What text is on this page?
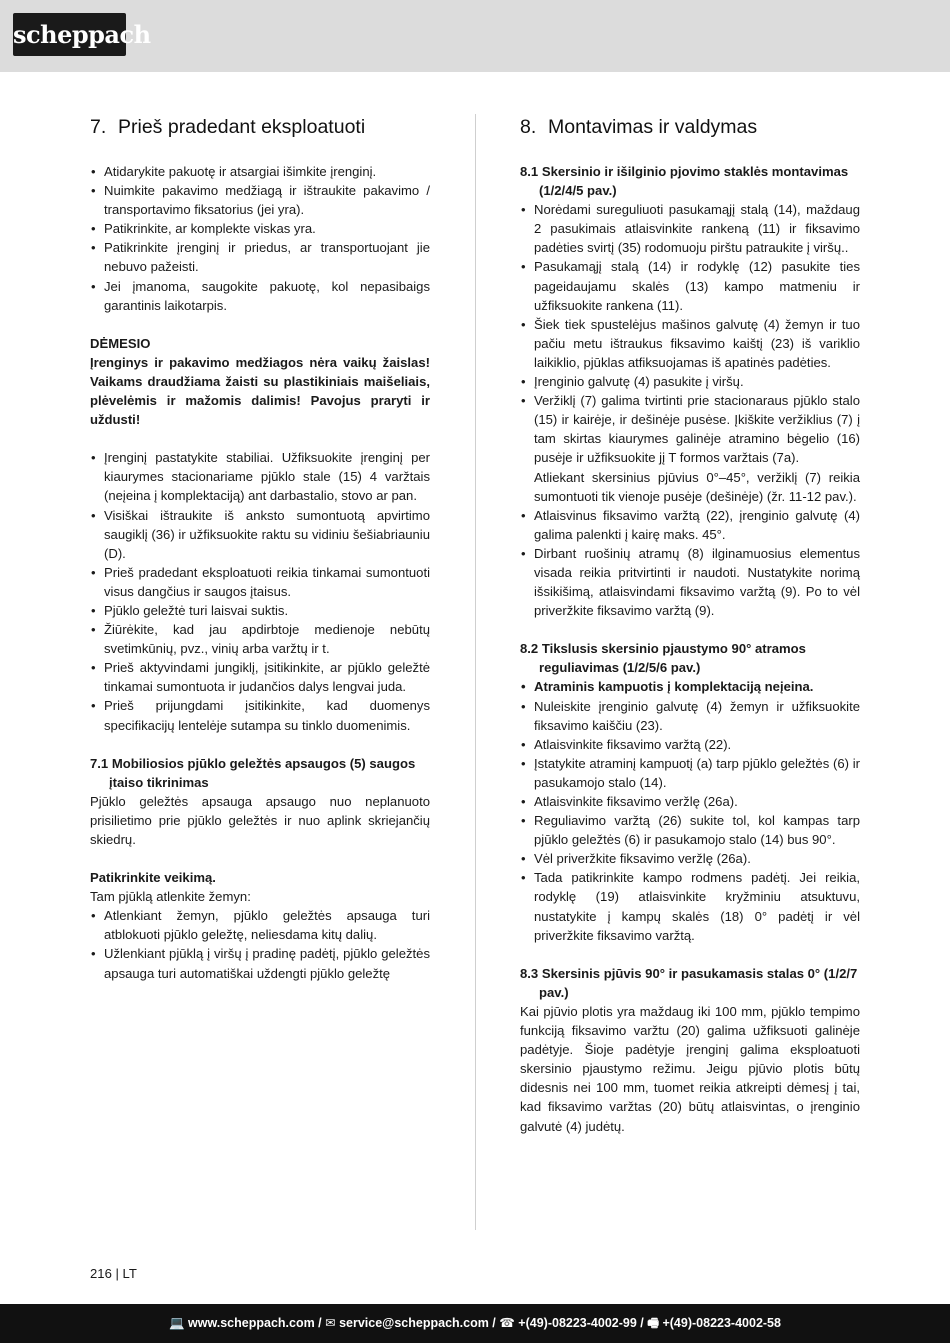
scheppach
7. Prieš pradedant eksploatuoti
• Atidarykite pakuotę ir atsargiai išimkite įrenginį.
• Nuimkite pakavimo medžiagą ir ištraukite pakavimo / transportavimo fiksatorius (jei yra).
• Patikrinkite, ar komplekte viskas yra.
• Patikrinkite įrenginį ir priedus, ar transportuojant jie nebuvo pažeisti.
• Jei įmanoma, saugokite pakuotę, kol nepasibaigs garantinis laikotarpis.

DĖMESIO

Įrenginys ir pakavimo medžiagos nėra vaikų žaislas! Vaikams draudžiama žaisti su plastikiniais maišeliais, plėvelėmis ir mažomis dalimis! Pavojus praryti ir uždusti!

• Įrenginį pastatykite stabiliai. Užfiksuokite įrenginį per kiaurymes stacionariame pjūklo stale (15) 4 varžtais (neįeina į komplektaciją) ant darbastalio, stovo ar pan.
• Visiškai ištraukite iš anksto sumontuotą apvirtimo saugiklį (36) ir užfiksuokite raktu su vidiniu šešiabriauniu (D).
• Prieš pradedant eksploatuoti reikia tinkamai sumontuoti visus dangčius ir saugos įtaisus.
• Pjūklo geležtė turi laisvai suktis.
• Žiūrėkite, kad jau apdirbtoje medienoje nebūtų svetimkūnių, pvz., vinių arba varžtų ir t.
• Prieš aktyvindami jungiklį, įsitikinkite, ar pjūklo geležtė tinkamai sumontuota ir judančios dalys lengvai juda.
• Prieš prijungdami įsitikinkite, kad duomenys specifikacijų lentelėje sutampa su tinklo duomenimis.

7.1 Mobiliosios pjūklo geležtės apsaugos (5) saugos įtaiso tikrinimas

Pjūklo geležtės apsauga apsaugo nuo neplanuoto prisilietimo prie pjūklo geležtės ir nuo aplink skriejančių skiedrų.

Patikrinkite veikimą.

Tam pjūklą atlenkite žemyn:

• Atlenkiant žemyn, pjūklo geležtės apsauga turi atblokuoti pjūklo geležtę, neliesdama kitų dalių.
• Užlenkiant pjūklą į viršų į pradinę padėtį, pjūklo geležtės apsauga turi automatiškai uždengti pjūklo geležtę
8. Montavimas ir valdymas

8.1 Skersinio ir išilginio pjovimo staklės montavimas (1/2/4/5 pav.)

• Norėdami sureguliuoti pasukamąjį stalą (14), maždaug 2 pasukimais atlaisvinkite rankeną (11) ir fiksavimo padėties svirtį (35) rodomuoju pirštu patraukite į viršų..
• Pasukamąjį stalą (14) ir rodyklę (12) pasukite ties pageidaujamu skalės (13) kampo matmeniu ir užfiksuokite rankena (11).
• Šiek tiek spustelėjus mašinos galvutę (4) žemyn ir tuo pačiu metu ištraukus fiksavimo kaištį (23) iš variklio laikiklio, pjūklas atfiksuojamas iš apatinės padėties.
• Įrenginio galvutę (4) pasukite į viršų.
• Veržiklį (7) galima tvirtinti prie stacionaraus pjūklo stalo (15) ir kairėje, ir dešinėje pusėse. Įkiškite veržiklius (7) į tam skirtas kiaurymes galinėje atramino bėgelio (16) pusėje ir užfiksuokite jį T formos varžtais (7a).

Atliekant skersinius pjūvius 0°–45°, veržiklį (7) reikia sumontuoti tik vienoje pusėje (dešinėje) (žr. 11-12 pav.).

• Atlaisvinus fiksavimo varžtą (22), įrenginio galvutę (4) galima palenkti į kairę maks. 45°.
• Dirbant ruošinių atramų (8) ilginamuosius elementus visada reikia pritvirtinti ir naudoti. Nustatykite norimą išsikišimą, atlaisvindami fiksavimo varžtą (9). Po to vėl priveržkite fiksavimo varžtą (9).

8.2 Tikslusis skersinio pjaustymo 90° atramos reguliavimas (1/2/5/6 pav.)

• Atraminis kampuotis į komplektaciją neįeina.
• Nuleiskite įrenginio galvutę (4) žemyn ir užfiksuokite fiksavimo kaiščiu (23).
• Atlaisvinkite fiksavimo varžtą (22).
• Įstatykite atraminį kampuotį (a) tarp pjūklo geležtės (6) ir pasukamojo stalo (14).
• Atlaisvinkite fiksavimo veržlę (26a).
• Reguliavimo varžtą (26) sukite tol, kol kampas tarp pjūklo geležtės (6) ir pasukamojo stalo (14) bus 90°.
• Vėl priveržkite fiksavimo veržlę (26a).
• Tada patikrinkite kampo rodmens padėtį. Jei reikia, rodyklę (19) atlaisvinkite kryžminiu atsuktuvu, nustatykite į kampų skalės (18) 0° padėtį ir vėl priveržkite fiksavimo varžtą.

8.3 Skersinis pjūvis 90° ir pasukamasis stalas 0° (1/2/7 pav.)

Kai pjūvio plotis yra maždaug iki 100 mm, pjūklo tempimo funkciją fiksavimo varžtu (20) galima užfiksuoti galinėje padėtyje. Šioje padėtyje įrenginį galima eksploatuoti skersinio pjaustymo režimu. Jeigu pjūvio plotis būtų didesnis nei 100 mm, tuomet reikia atkreipti dėmesį į tai, kad fiksavimo varžtas (20) būtų atlaisvintas, o įrenginio galvutė (4) judėtų.

216 | LT
💻 www.scheppach.com / ✉ service@scheppach.com / ☎ +(49)-08223-4002-99 / 🖷 +(49)-08223-4002-58
